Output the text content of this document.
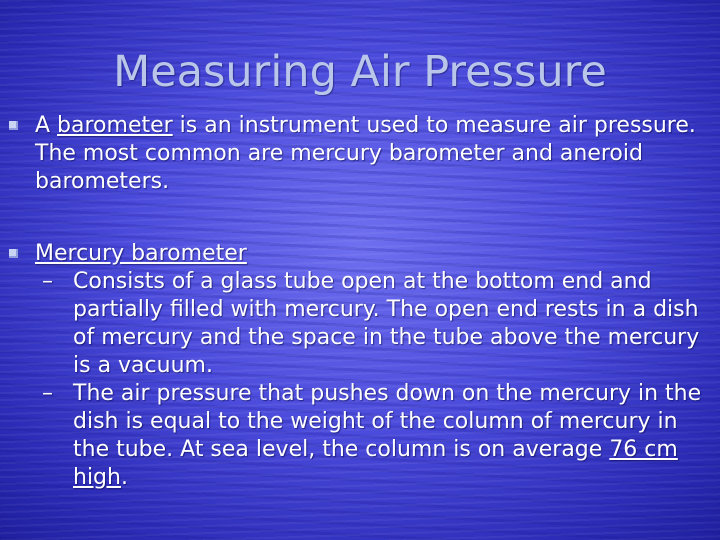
Measuring Air Pressure
A barometer is an instrument used to measure air pressure. The most common are mercury barometer and aneroid barometers.
Mercury barometer
– Consists of a glass tube open at the bottom end and partially filled with mercury. The open end rests in a dish of mercury and the space in the tube above the mercury is a vacuum.
– The air pressure that pushes down on the mercury in the dish is equal to the weight of the column of mercury in the tube. At sea level, the column is on average 76 cm high.
